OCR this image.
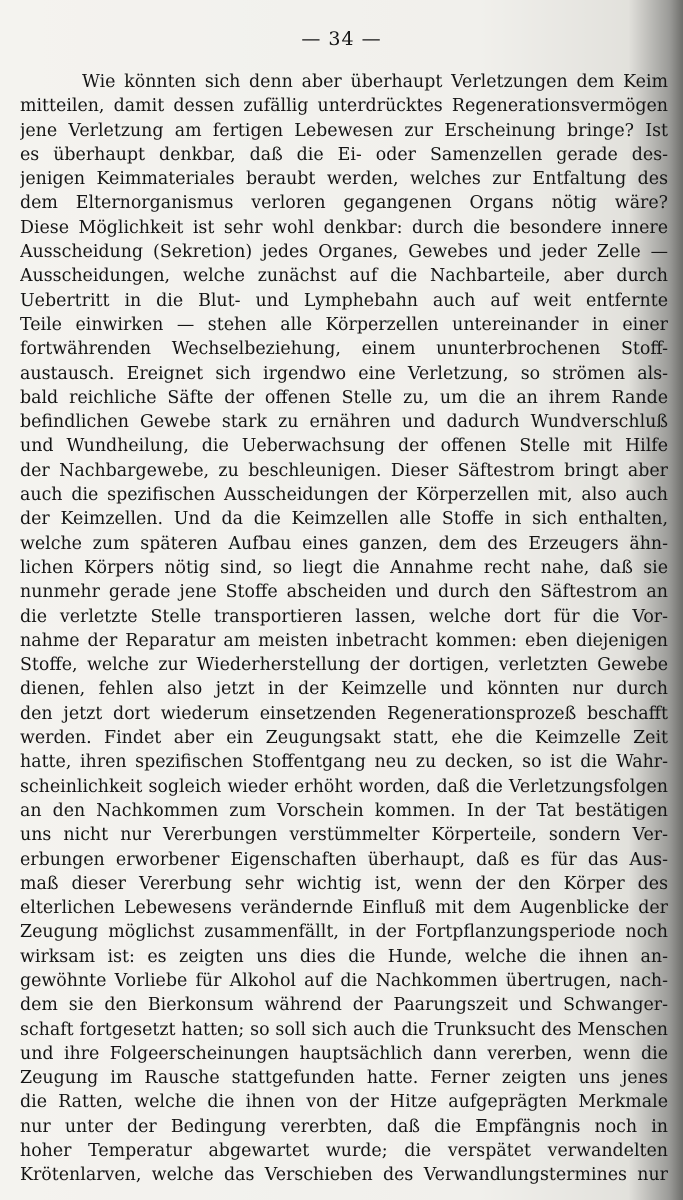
— 34 —
Wie könnten sich denn aber überhaupt Verletzungen dem Keim
mitteilen, damit dessen zufällig unterdrücktes Regenerationsvermögen
jene Verletzung am fertigen Lebewesen zur Erscheinung bringe? Ist
es überhaupt denkbar, daß die Ei- oder Samenzellen gerade des-
jenigen Keimmateriales beraubt werden, welches zur Entfaltung des
dem Elternorganismus verloren gegangenen Organs nötig wäre?
Diese Möglichkeit ist sehr wohl denkbar: durch die besondere innere
Ausscheidung (Sekretion) jedes Organes, Gewebes und jeder Zelle —
Ausscheidungen, welche zunächst auf die Nachbarteile, aber durch
Uebertritt in die Blut- und Lymphebahn auch auf weit entfernte
Teile einwirken — stehen alle Körperzellen untereinander in einer
fortwährenden Wechselbeziehung, einem ununterbrochenen Stoff-
austausch. Ereignet sich irgendwo eine Verletzung, so strömen als-
bald reichliche Säfte der offenen Stelle zu, um die an ihrem Rande
befindlichen Gewebe stark zu ernähren und dadurch Wundverschluß
und Wundheilung, die Ueberwachsung der offenen Stelle mit Hilfe
der Nachbargewebe, zu beschleunigen. Dieser Säftestrom bringt aber
auch die spezifischen Ausscheidungen der Körperzellen mit, also auch
der Keimzellen. Und da die Keimzellen alle Stoffe in sich enthalten,
welche zum späteren Aufbau eines ganzen, dem des Erzeugers ähn-
lichen Körpers nötig sind, so liegt die Annahme recht nahe, daß sie
nunmehr gerade jene Stoffe abscheiden und durch den Säftestrom an
die verletzte Stelle transportieren lassen, welche dort für die Vor-
nahme der Reparatur am meisten inbetracht kommen: eben diejenigen
Stoffe, welche zur Wiederherstellung der dortigen, verletzten Gewebe
dienen, fehlen also jetzt in der Keimzelle und könnten nur durch
den jetzt dort wiederum einsetzenden Regenerationsprozeß beschafft
werden. Findet aber ein Zeugungsakt statt, ehe die Keimzelle Zeit
hatte, ihren spezifischen Stoffentgang neu zu decken, so ist die Wahr-
scheinlichkeit sogleich wieder erhöht worden, daß die Verletzungsfolgen
an den Nachkommen zum Vorschein kommen. In der Tat bestätigen
uns nicht nur Vererbungen verstümmelter Körperteile, sondern Ver-
erbungen erworbener Eigenschaften überhaupt, daß es für das Aus-
maß dieser Vererbung sehr wichtig ist, wenn der den Körper des
elterlichen Lebewesens verändernde Einfluß mit dem Augenblicke der
Zeugung möglichst zusammenfällt, in der Fortpflanzungsperiode noch
wirksam ist: es zeigten uns dies die Hunde, welche die ihnen an-
gewöhnte Vorliebe für Alkohol auf die Nachkommen übertrugen, nach-
dem sie den Bierkonsum während der Paarungszeit und Schwanger-
schaft fortgesetzt hatten; so soll sich auch die Trunksucht des Menschen
und ihre Folgeerscheinungen hauptsächlich dann vererben, wenn die
Zeugung im Rausche stattgefunden hatte. Ferner zeigten uns jenes
die Ratten, welche die ihnen von der Hitze aufgeprägten Merkmale
nur unter der Bedingung vererbten, daß die Empfängnis noch in
hoher Temperatur abgewartet wurde; die verspätet verwandelten
Krötenlarven, welche das Verschieben des Verwandlungstermines nur
